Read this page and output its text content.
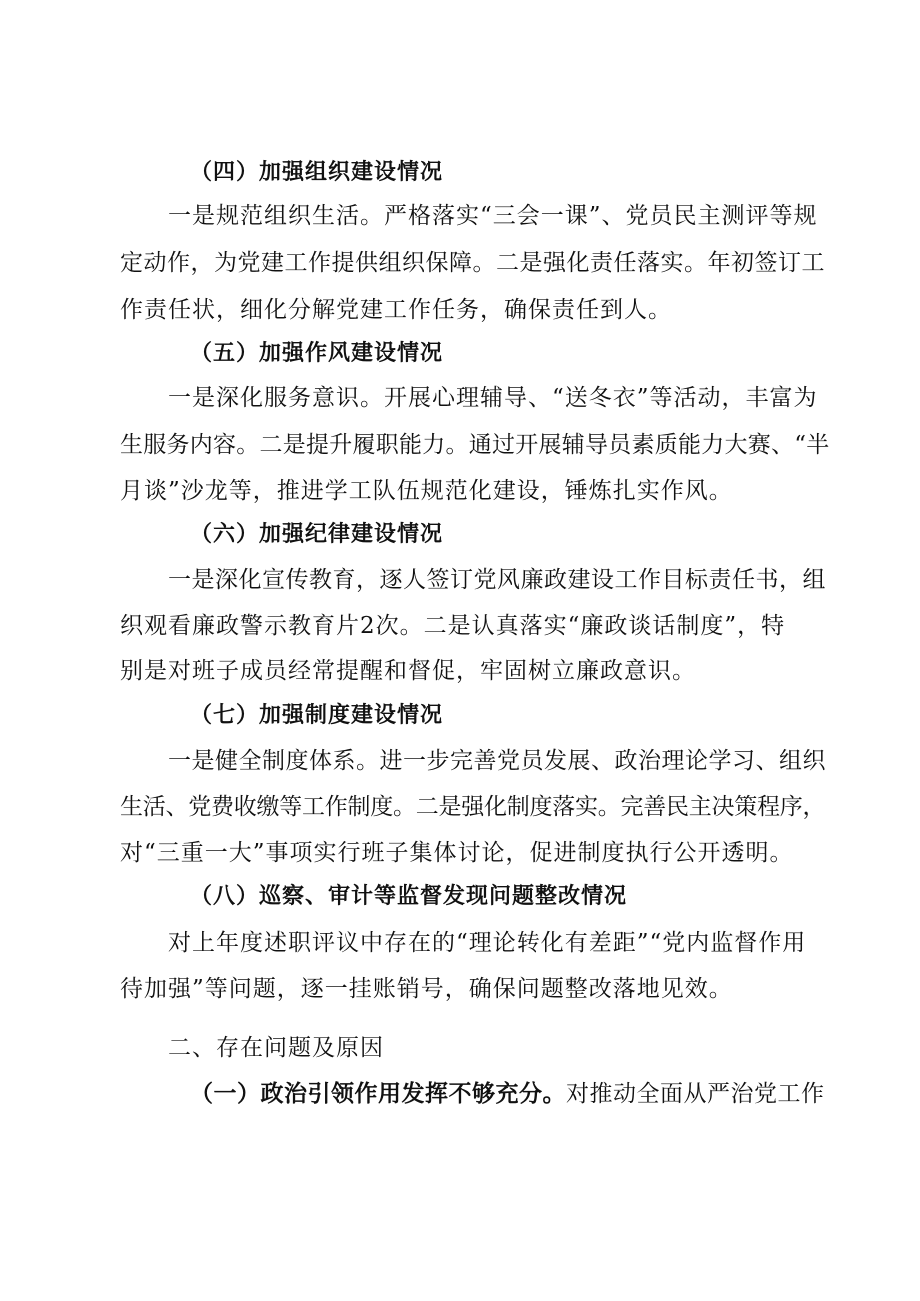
（四）加强组织建设情况
一是规范组织生活。严格落实“三会一课”、党员民主测评等规
定动作，为党建工作提供组织保障。二是强化责任落实。年初签订工
作责任状，细化分解党建工作任务，确保责任到人。
（五）加强作风建设情况
一是深化服务意识。开展心理辅导、“送冬衣”等活动，丰富为
生服务内容。二是提升履职能力。通过开展辅导员素质能力大赛、“半
月谈”沙龙等，推进学工队伍规范化建设，锤炼扎实作风。
（六）加强纪律建设情况
一是深化宣传教育，逐人签订党风廉政建设工作目标责任书，组
织观看廉政警示教育片2次。二是认真落实“廉政谈话制度”，特
别是对班子成员经常提醒和督促，牢固树立廉政意识。
（七）加强制度建设情况
一是健全制度体系。进一步完善党员发展、政治理论学习、组织
生活、党费收缴等工作制度。二是强化制度落实。完善民主决策程序，
对“三重一大”事项实行班子集体讨论，促进制度执行公开透明。
（八）巡察、审计等监督发现问题整改情况
对上年度述职评议中存在的“理论转化有差距”“党内监督作用
待加强”等问题，逐一挂账销号，确保问题整改落地见效。
二、存在问题及原因
（一）政治引领作用发挥不够充分。对推动全面从严治党工作
